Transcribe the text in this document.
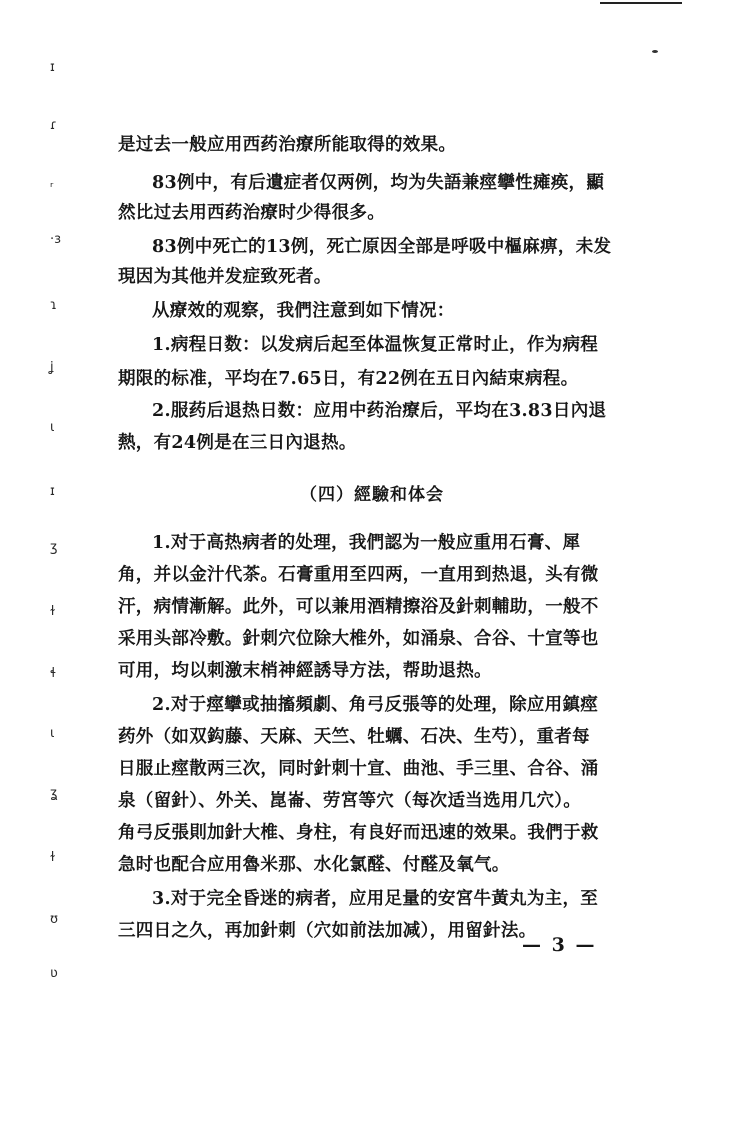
ɪ
ɾ
ᵣ
·ɜ
ɿ
ʝ
ɩ
ɪ
ʒ
ɫ
ɬ
ɩ
ʓ
ɫ
ʊ
ʋ
是过去一般应用西药治療所能取得的效果。
83例中，有后遺症者仅两例，均为失語兼痙攣性瘫痪，顯
然比过去用西药治療时少得很多。
83例中死亡的13例，死亡原因全部是呼吸中樞麻痹，未发
現因为其他并发症致死者。
从療效的观察，我們注意到如下情况：
1.病程日数：以发病后起至体温恢复正常时止，作为病程
期限的标准，平均在7.65日，有22例在五日內結束病程。
2.服药后退热日数：应用中药治療后，平均在3.83日內退
熱，有24例是在三日內退热。
（四）經驗和体会
1.对于高热病者的处理，我們認为一般应重用石膏、犀
角，并以金汁代茶。石膏重用至四两，一直用到热退，头有微
汗，病情漸解。此外，可以兼用酒精擦浴及針刺輔助，一般不
采用头部冷敷。針刺穴位除大椎外，如涌泉、合谷、十宣等也
可用，均以刺激末梢神經誘导方法，帮助退热。
2.对于痙攣或抽搐頻劇、角弓反張等的处理，除应用鎮痙
药外（如双鈎藤、天麻、天竺、牡蠣、石决、生芍），重者每
日服止痙散两三次，同时針刺十宣、曲池、手三里、合谷、涌
泉（留針）、外关、崑崙、劳宮等穴（每次适当选用几穴）。
角弓反張則加針大椎、身柱，有良好而迅速的效果。我們于救
急时也配合应用魯米那、水化氯醛、付醛及氧气。
3.对于完全昏迷的病者，应用足量的安宮牛黃丸为主，至
三四日之久，再加針刺（穴如前法加减），用留針法。
— 3 —
